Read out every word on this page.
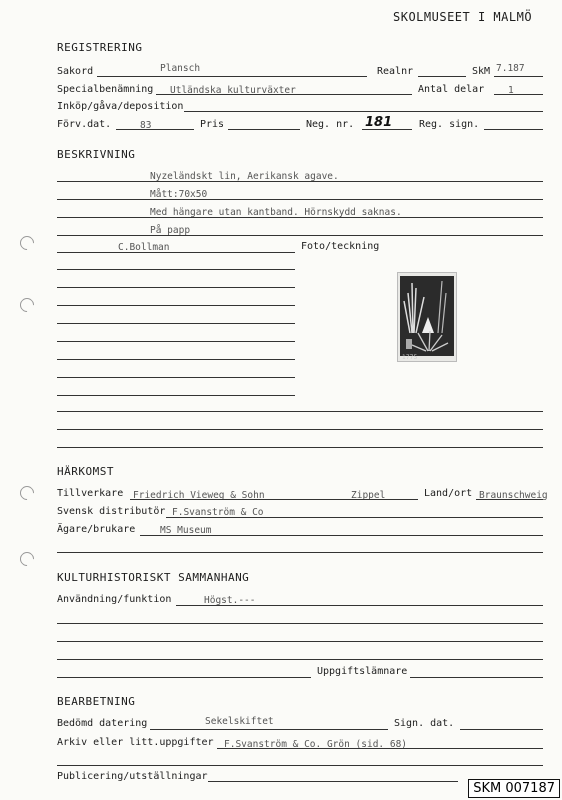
SKOLMUSEET I MALMÖ
REGISTRERING
Sakord	Plansch	Realnr	SkM 7.187
Specialbenämning Utländska kulturväxter	Antal delar	1
Inköp/gåva/deposition
Förv.dat.	83	Pris	Neg. nr. 181	Reg. sign.
BESKRIVNING
Nyzeländskt lin, Aerikansk agave.
Mått:70x50
Med hängare utan kantband. Hörnskydd saknas.
På papp
C.Bollman	Foto/teckning
1775
HÄRKOMST
Tillverkare Friedrich Vieweg & Sohn	Zippel	Land/ort Braunschweig
Svensk distributör F.Svanström & Co
Ägare/brukare	MS Museum
KULTURHISTORISKT SAMMANHANG
Användning/funktion	Högst.---
Uppgiftslämnare
BEARBETNING
Bedömd datering	Sekelskiftet	Sign. dat.
Arkiv eller litt.uppgifter F.Svanström & Co. Grön (sid. 68)
Publicering/utställningar
SKM 007187
